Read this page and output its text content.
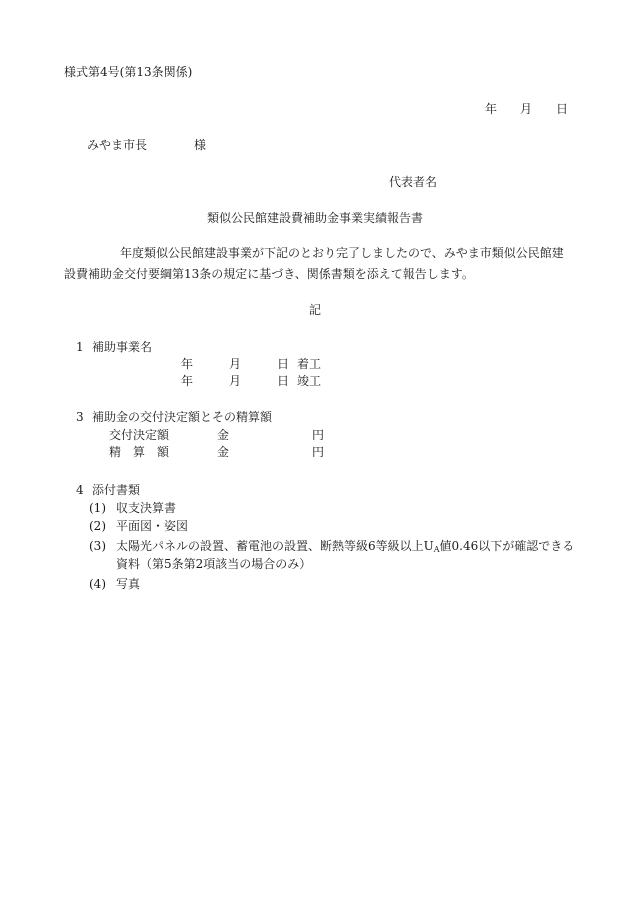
様式第4号(第13条関係)
年 月 日
みやま市長	様
代表者名
類似公民館建設費補助金事業実績報告書
年度類似公民館建設事業が下記のとおり完了しましたので、みやま市類似公民館建設費補助金交付要綱第13条の規定に基づき、関係書類を添えて報告します。
記
1 補助事業名
年	月	日 着工
年	月	日 竣工
3 補助金の交付決定額とその精算額
交付決定額	金	円
精　算　額	金	円
4 添付書類
(1) 収支決算書
(2) 平面図・姿図
(3) 太陽光パネルの設置、蓄電池の設置、断熱等級6等級以上$U_A$値0.46以下が確認できる
資料（第5条第2項該当の場合のみ）
(4) 写真
